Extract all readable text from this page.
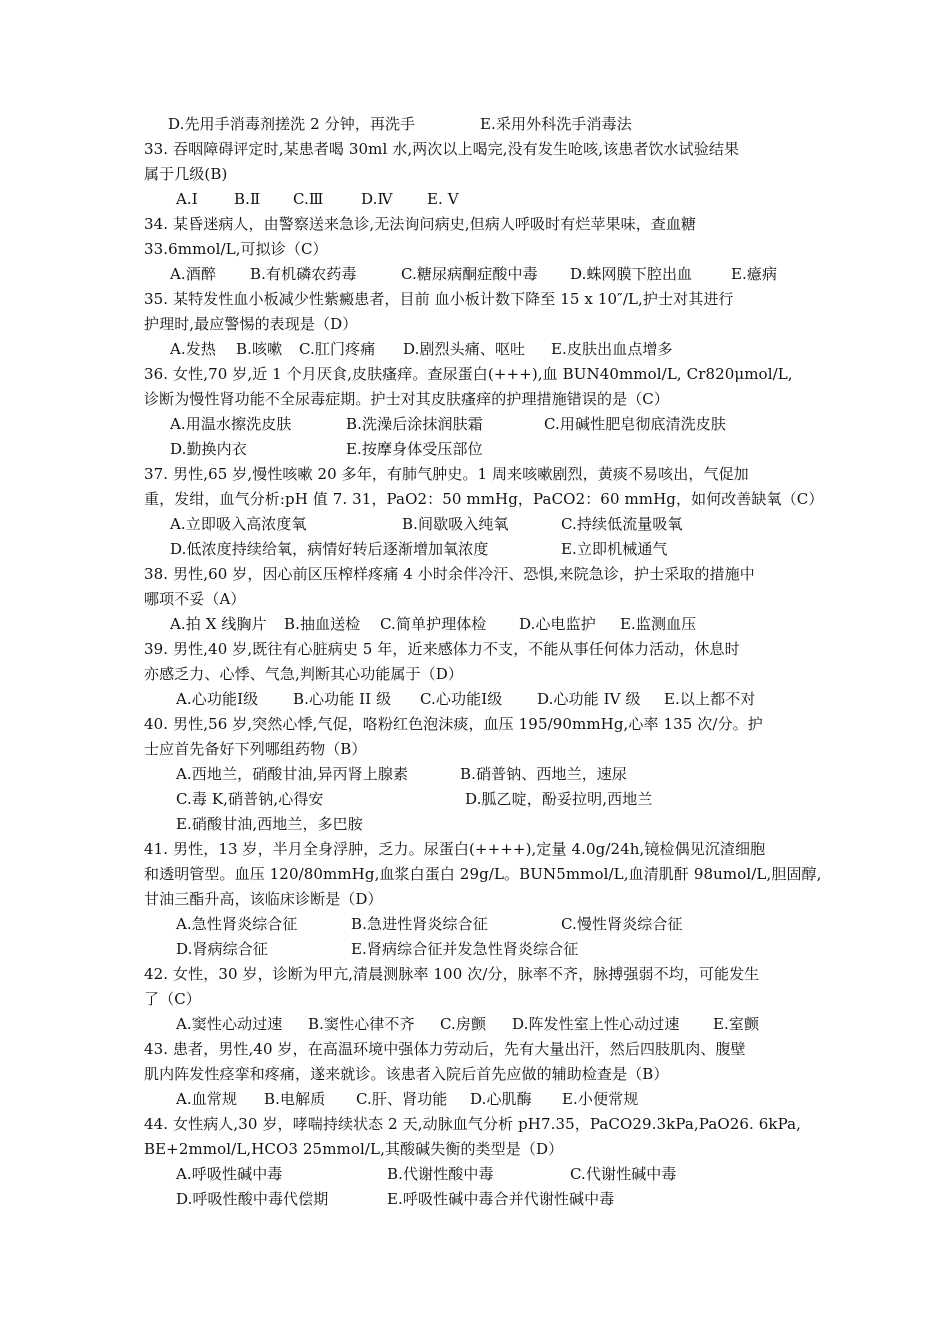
D.先用手消毒剂搓洗 2 分钟，再洗手	E.采用外科洗手消毒法
33. 吞咽障碍评定时,某患者喝 30ml 水,两次以上喝完,没有发生呛咳,该患者饮水试验结果
属于几级(B)
A.Ⅰ B.Ⅱ C.Ⅲ	D.Ⅳ E. Ⅴ
34. 某昏迷病人，由警察送来急诊,无法询问病史,但病人呼吸时有烂苹果味，查血糖
33.6mmol/L,可拟诊（C）
A.酒醉 B.有机磷农药毒	C.糖尿病酮症酸中毒 D.蛛网膜下腔出血	E.癔病
35. 某特发性血小板减少性紫癜患者，目前 血小板计数下降至 15 x 10″/L,护士对其进行
护理时,最应警惕的表现是（D）
A.发热 B.咳嗽 C.肛门疼痛 D.剧烈头痛、呕吐 E.皮肤出血点增多
36. 女性,70 岁,近 1 个月厌食,皮肤瘙痒。查尿蛋白(+++),血 BUN40mmol/L, Cr820μmol/L,
诊断为慢性肾功能不全尿毒症期。护士对其皮肤瘙痒的护理措施错误的是（C）
A.用温水擦洗皮肤	B.洗澡后涂抹润肤霜	C.用碱性肥皂彻底清洗皮肤
D.勤换内衣	E.按摩身体受压部位
37. 男性,65 岁,慢性咳嗽 20 多年，有肺气肿史。1 周来咳嗽剧烈，黄痰不易咳出，气促加
重，发绀，血气分析:pH 值 7. 31，PaO2：50 mmHg，PaCO2：60 mmHg，如何改善缺氧（C）
A.立即吸入高浓度氧	B.间歇吸入纯氧	C.持续低流量吸氧
D.低浓度持续给氧，病情好转后逐渐增加氧浓度	E.立即机械通气
38. 男性,60 岁，因心前区压榨样疼痛 4 小时余伴冷汗、恐惧,来院急诊，护士采取的措施中
哪项不妥（A）
A.拍 X 线胸片 B.抽血送检 C.简单护理体检 D.心电监护 E.监测血压
39. 男性,40 岁,既往有心脏病史 5 年，近来感体力不支，不能从事任何体力活动，休息时
亦感乏力、心悸、气急,判断其心功能属于（D）
A.心功能Ⅰ级 B.心功能 II 级 C.心功能Ⅰ级 D.心功能 IV 级 E.以上都不对
40. 男性,56 岁,突然心悸,气促，咯粉红色泡沫痰，血压 195/90mmHg,心率 135 次/分。护
士应首先备好下列哪组药物（B）
A.西地兰，硝酸甘油,异丙肾上腺素	B.硝普钠、西地兰，速尿
C.毒 K,硝普钠,心得安	D.胍乙啶，酚妥拉明,西地兰
E.硝酸甘油,西地兰，多巴胺
41. 男性，13 岁，半月全身浮肿，乏力。尿蛋白(++++),定量 4.0g/24h,镜检偶见沉渣细胞
和透明管型。血压 120/80mmHg,血浆白蛋白 29g/L。BUN5mmol/L,血清肌酐 98umol/L,胆固醇,
甘油三酯升高，该临床诊断是（D）
A.急性肾炎综合征	B.急进性肾炎综合征	C.慢性肾炎综合征
D.肾病综合征	E.肾病综合征并发急性肾炎综合征
42. 女性，30 岁，诊断为甲亢,清晨测脉率 100 次/分，脉率不齐，脉搏强弱不均，可能发生
了（C）
A.窦性心动过速 B.窦性心律不齐 C.房颤 D.阵发性室上性心动过速 E.室颤
43. 患者，男性,40 岁，在高温环境中强体力劳动后，先有大量出汗，然后四肢肌肉、腹壁
肌内阵发性痉挛和疼痛，遂来就诊。该患者入院后首先应做的辅助检查是（B）
A.血常规 B.电解质 C.肝、肾功能 D.心肌酶 E.小便常规
44. 女性病人,30 岁，哮喘持续状态 2 天,动脉血气分析 pH7.35，PaCO29.3kPa,PaO26. 6kPa,
BE+2mmol/L,HCO3 25mmol/L,其酸碱失衡的类型是（D）
A.呼吸性碱中毒	B.代谢性酸中毒	C.代谢性碱中毒
D.呼吸性酸中毒代偿期	E.呼吸性碱中毒合并代谢性碱中毒
